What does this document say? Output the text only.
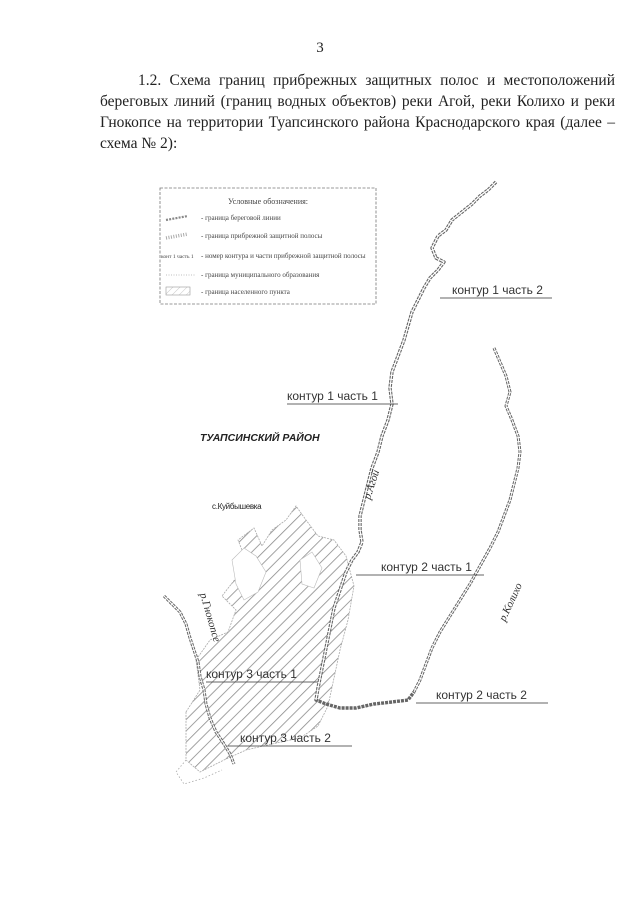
3
1.2. Схема границ прибрежных защитных полос и местоположений береговых линий (границ водных объектов) реки Агой, реки Колихо и реки Гнокопсе на территории Туапсинского района Краснодарского края (далее – схема № 2):
Условные обозначения:
- граница береговой линии
- граница прибрежной защитной полосы
конт 1 часть 1 - номер контура и части прибрежной защитной полосы
- граница муниципального образования
- граница населенного пункта
ТУАПСИНСКИЙ РАЙОН
с.Куйбышевка
р.Агой
р.Колихо
р.Гнокопсе
контур 1 часть 2
контур 1 часть 1
контур 2 часть 1
контур 2 часть 2
контур 3 часть 1
контур 3 часть 2
